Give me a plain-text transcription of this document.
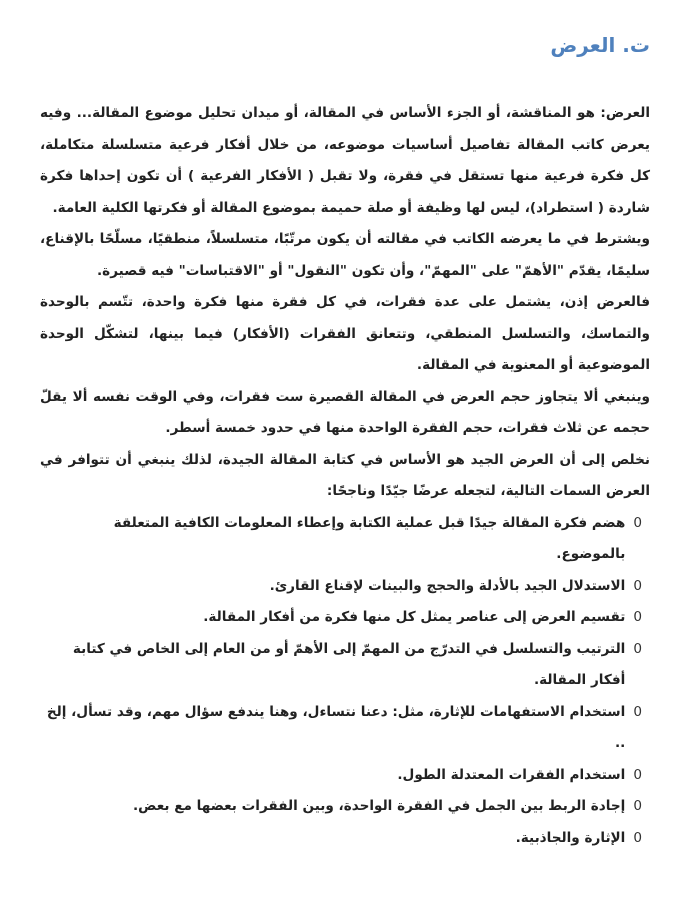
ت. العرض

العرض: هو المناقشة، أو الجزء الأساس في المقالة، أو ميدان تحليل موضوع المقالة... وفيه يعرض كاتب المقالة تفاصيل أساسيات موضوعه، من خلال أفكار فرعية متسلسلة متكاملة، كل فكرة فرعية منها تستقل في فقرة، ولا تقبل ( الأفكار الفرعية ) أن تكون إحداها فكرة شاردة ( استطراد)، ليس لها وظيفة أو صلة حميمة بموضوع المقالة أو فكرتها الكلية العامة.

ويشترط في ما يعرضه الكاتب في مقالته أن يكون مرتّبًا، متسلسلاً، منطقيًا، مسلّحًا بالإقناع، سليمًا، يقدّم "الأهمّ" على "المهمّ"، وأن تكون "النقول" أو "الاقتباسات" فيه قصيرة.

فالعرض إذن، يشتمل على عدة فقرات، في كل فقرة منها فكرة واحدة، تتّسم بالوحدة والتماسك، والتسلسل المنطقي، وتتعانق الفقرات (الأفكار) فيما بينها، لتشكّل الوحدة الموضوعية أو المعنوية في المقالة.

وينبغي ألا يتجاوز حجم العرض في المقالة القصيرة ست فقرات، وفي الوقت نفسه ألا يقلّ حجمه عن ثلاث فقرات، حجم الفقرة الواحدة منها في حدود خمسة أسطر.

نخلص إلى أن العرض الجيد هو الأساس في كتابة المقالة الجيدة، لذلك ينبغي أن تتوافر في العرض السمات التالية، لتجعله عرضًا جيّدًا وناجحًا:

0
هضم فكرة المقالة جيدًا قبل عملية الكتابة وإعطاء المعلومات الكافية المتعلقة بالموضوع.
0
الاستدلال الجيد بالأدلة والحجج والبينات لإقناع القارئ.
0
تقسيم العرض إلى عناصر يمثل كل منها فكرة من أفكار المقالة.
0
الترتيب والتسلسل في التدرّج من المهمّ إلى الأهمّ أو من العام إلى الخاص في كتابة أفكار المقالة.
0
استخدام الاستفهامات للإثارة، مثل: دعنا نتساءل، وهنا يندفع سؤال مهم، وقد تسأل، إلخ ..
0
استخدام الفقرات المعتدلة الطول.
0
إجادة الربط بين الجمل في الفقرة الواحدة، وبين الفقرات بعضها مع بعض.
0
الإثارة والجاذبية.
